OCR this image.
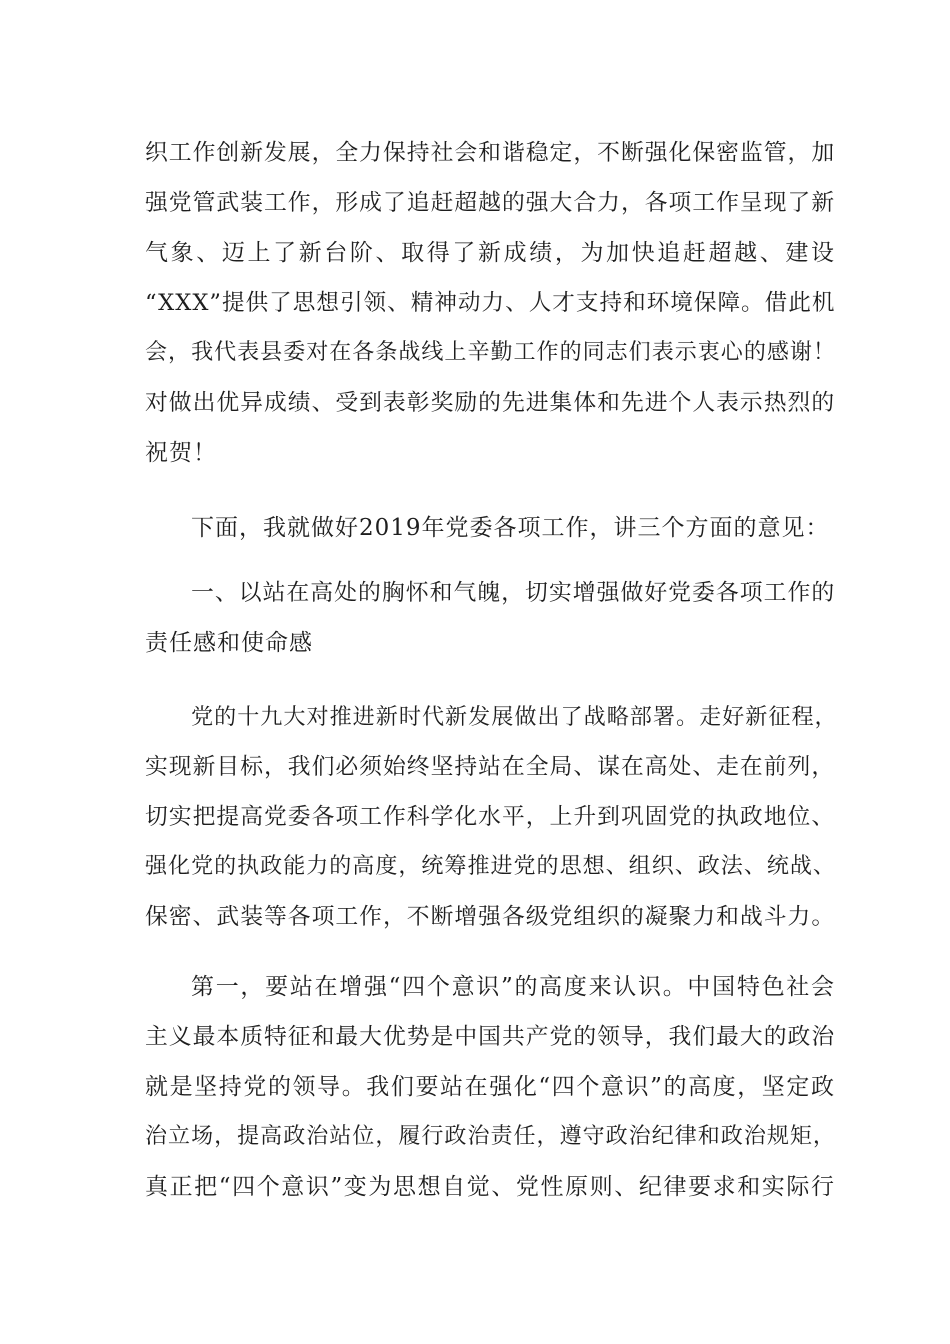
织工作创新发展，全力保持社会和谐稳定，不断强化保密监管，加
强党管武装工作，形成了追赶超越的强大合力，各项工作呈现了新
气象、迈上了新台阶、取得了新成绩，为加快追赶超越、建设
“XXX”提供了思想引领、精神动力、人才支持和环境保障。借此机
会，我代表县委对在各条战线上辛勤工作的同志们表示衷心的感谢！
对做出优异成绩、受到表彰奖励的先进集体和先进个人表示热烈的
祝贺！
下面，我就做好2019年党委各项工作，讲三个方面的意见：
一、以站在高处的胸怀和气魄，切实增强做好党委各项工作的
责任感和使命感
党的十九大对推进新时代新发展做出了战略部署。走好新征程，
实现新目标，我们必须始终坚持站在全局、谋在高处、走在前列，
切实把提高党委各项工作科学化水平，上升到巩固党的执政地位、
强化党的执政能力的高度，统筹推进党的思想、组织、政法、统战、
保密、武装等各项工作，不断增强各级党组织的凝聚力和战斗力。
第一，要站在增强“四个意识”的高度来认识。中国特色社会
主义最本质特征和最大优势是中国共产党的领导，我们最大的政治
就是坚持党的领导。我们要站在强化“四个意识”的高度，坚定政
治立场，提高政治站位，履行政治责任，遵守政治纪律和政治规矩，
真正把“四个意识”变为思想自觉、党性原则、纪律要求和实际行
